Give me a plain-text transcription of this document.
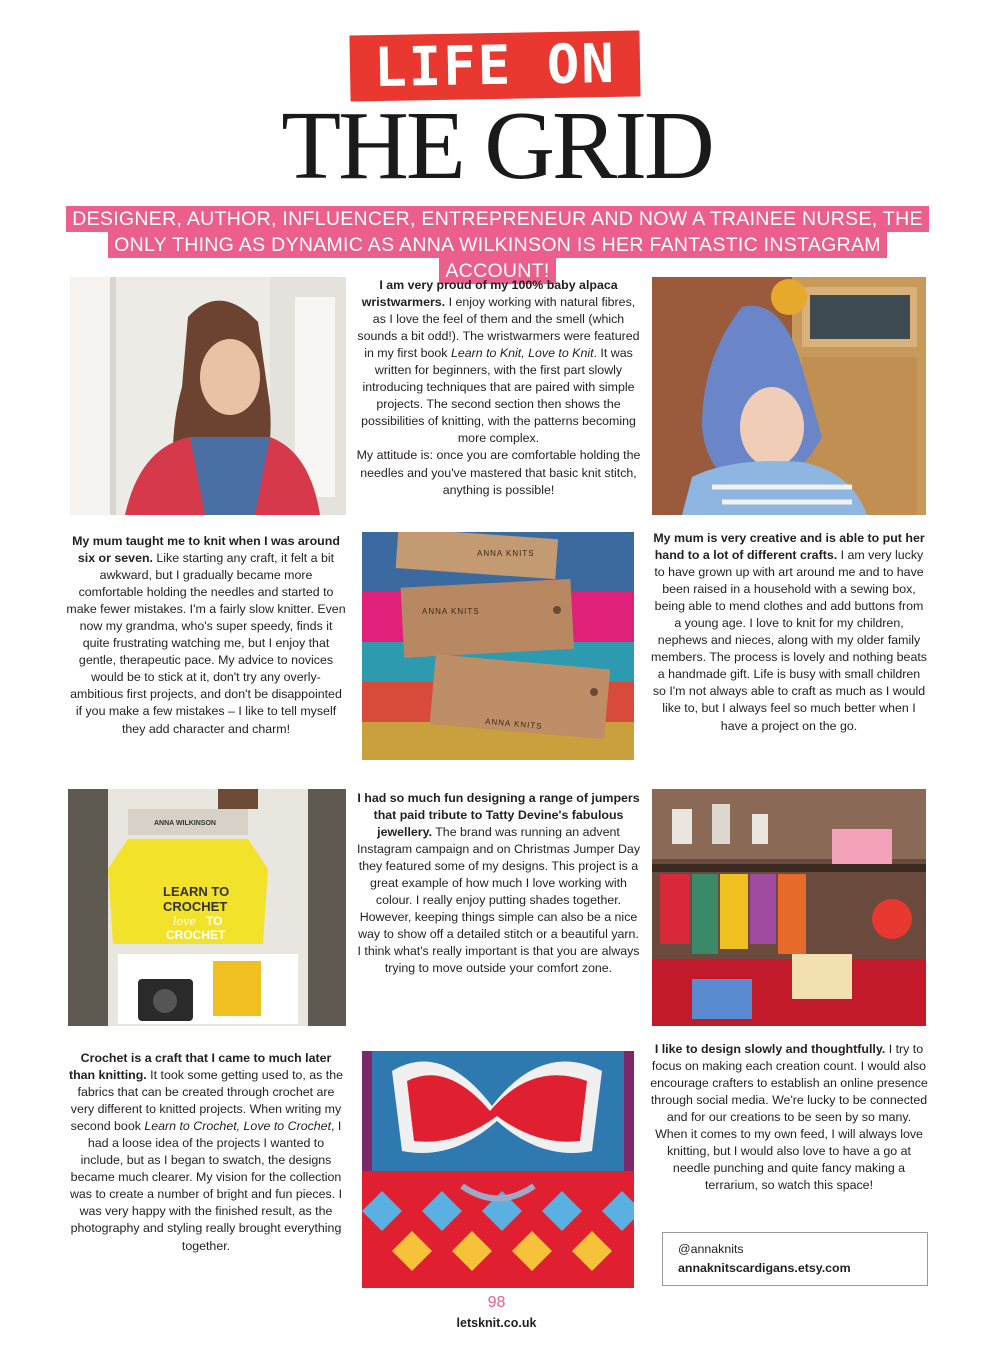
LIFE ON
THE GRID
DESIGNER, AUTHOR, INFLUENCER, ENTREPRENEUR AND NOW A TRAINEE NURSE, THE
ONLY THING AS DYNAMIC AS ANNA WILKINSON IS HER FANTASTIC INSTAGRAM ACCOUNT!
I am very proud of my 100% baby alpaca wristwarmers. I enjoy working with natural fibres, as I love the feel of them and the smell (which sounds a bit odd!). The wristwarmers were featured in my first book Learn to Knit, Love to Knit. It was written for beginners, with the first part slowly introducing techniques that are paired with simple projects. The second section then shows the possibilities of knitting, with the patterns becoming more complex.
My attitude is: once you are comfortable holding the needles and you've mastered that basic knit stitch, anything is possible!
My mum taught me to knit when I was around six or seven. Like starting any craft, it felt a bit awkward, but I gradually became more comfortable holding the needles and started to make fewer mistakes. I'm a fairly slow knitter. Even now my grandma, who's super speedy, finds it quite frustrating watching me, but I enjoy that gentle, therapeutic pace. My advice to novices would be to stick at it, don't try any overly-ambitious first projects, and don't be disappointed if you make a few mistakes – I like to tell myself they add character and charm!
ANNA KNITS
ANNA KNITS
ANNA KNITS
My mum is very creative and is able to put her hand to a lot of different crafts. I am very lucky to have grown up with art around me and to have been raised in a household with a sewing box, being able to mend clothes and add buttons from a young age. I love to knit for my children, nephews and nieces, along with my older family members. The process is lovely and nothing beats a handmade gift. Life is busy with small children so I'm not always able to craft as much as I would like to, but I always feel so much better when I have a project on the go.
ANNA WILKINSON
LEARN TO
CROCHET
love TO
CROCHET
I had so much fun designing a range of jumpers that paid tribute to Tatty Devine's fabulous jewellery. The brand was running an advent Instagram campaign and on Christmas Jumper Day they featured some of my designs. This project is a great example of how much I love working with colour. I really enjoy putting shades together. However, keeping things simple can also be a nice way to show off a detailed stitch or a beautiful yarn. I think what's really important is that you are always trying to move outside your comfort zone.
Crochet is a craft that I came to much later than knitting. It took some getting used to, as the fabrics that can be created through crochet are very different to knitted projects. When writing my second book Learn to Crochet, Love to Crochet, I had a loose idea of the projects I wanted to include, but as I began to swatch, the designs became much clearer. My vision for the collection was to create a number of bright and fun pieces. I was very happy with the finished result, as the photography and styling really brought everything together.
I like to design slowly and thoughtfully. I try to focus on making each creation count. I would also encourage crafters to establish an online presence through social media. We're lucky to be connected and for our creations to be seen by so many. When it comes to my own feed, I will always love knitting, but I would also love to have a go at needle punching and quite fancy making a terrarium, so watch this space!
@annaknits
annaknitscardigans.etsy.com
98
letsknit.co.uk
